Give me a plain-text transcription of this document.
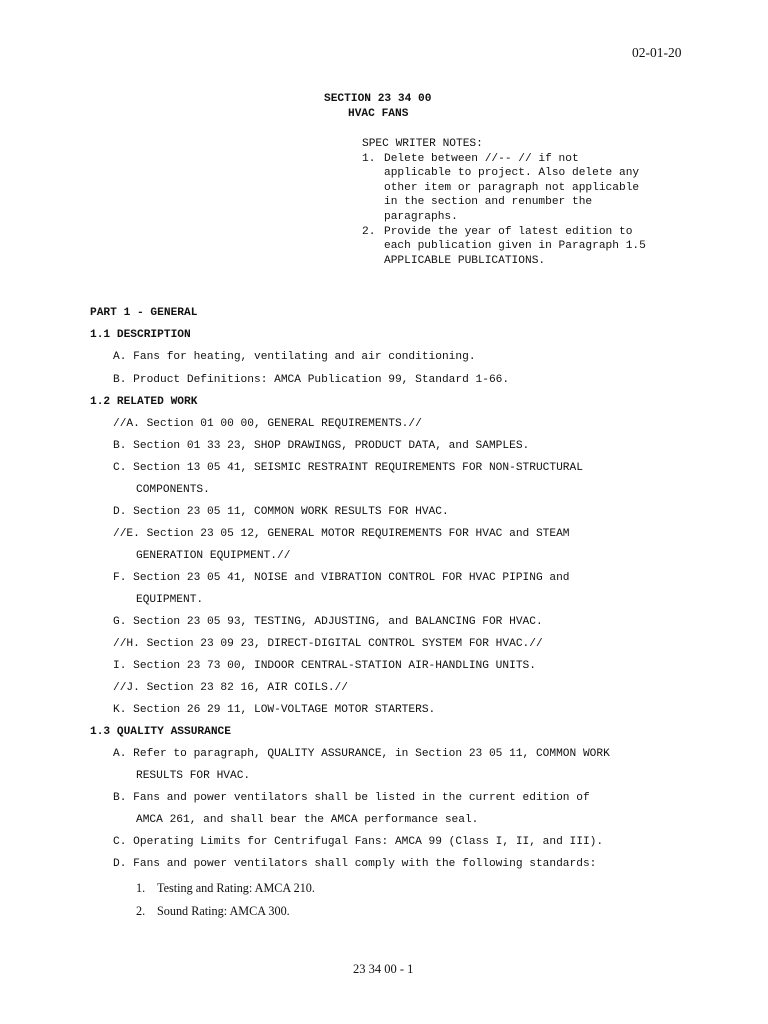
02-01-20
SECTION 23 34 00
HVAC FANS
SPEC WRITER NOTES:
1. Delete between //-- // if not
applicable to project. Also delete any
other item or paragraph not applicable
in the section and renumber the
paragraphs.
2. Provide the year of latest edition to
each publication given in Paragraph 1.5
APPLICABLE PUBLICATIONS.
PART 1 - GENERAL
1.1 DESCRIPTION
A. Fans for heating, ventilating and air conditioning.
B. Product Definitions: AMCA Publication 99, Standard 1-66.
1.2 RELATED WORK
//A. Section 01 00 00, GENERAL REQUIREMENTS.//
B. Section 01 33 23, SHOP DRAWINGS, PRODUCT DATA, and SAMPLES.
C. Section 13 05 41, SEISMIC RESTRAINT REQUIREMENTS FOR NON-STRUCTURAL
COMPONENTS.
D. Section 23 05 11, COMMON WORK RESULTS FOR HVAC.
//E. Section 23 05 12, GENERAL MOTOR REQUIREMENTS FOR HVAC and STEAM
GENERATION EQUIPMENT.//
F. Section 23 05 41, NOISE and VIBRATION CONTROL FOR HVAC PIPING and
EQUIPMENT.
G. Section 23 05 93, TESTING, ADJUSTING, and BALANCING FOR HVAC.
//H. Section 23 09 23, DIRECT-DIGITAL CONTROL SYSTEM FOR HVAC.//
I. Section 23 73 00, INDOOR CENTRAL-STATION AIR-HANDLING UNITS.
//J. Section 23 82 16, AIR COILS.//
K. Section 26 29 11, LOW-VOLTAGE MOTOR STARTERS.
1.3 QUALITY ASSURANCE
A. Refer to paragraph, QUALITY ASSURANCE, in Section 23 05 11, COMMON WORK
RESULTS FOR HVAC.
B. Fans and power ventilators shall be listed in the current edition of
AMCA 261, and shall bear the AMCA performance seal.
C. Operating Limits for Centrifugal Fans: AMCA 99 (Class I, II, and III).
D. Fans and power ventilators shall comply with the following standards:
1. Testing and Rating: AMCA 210.
2. Sound Rating: AMCA 300.
23 34 00 - 1
